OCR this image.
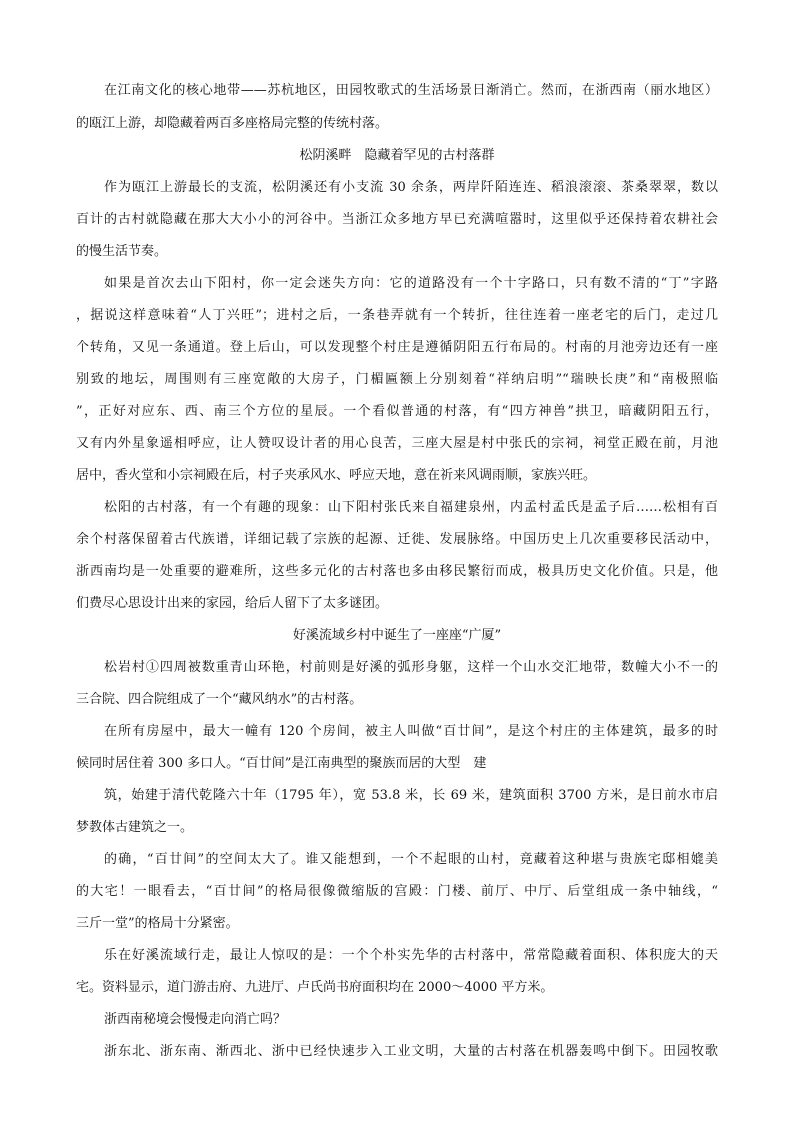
在江南文化的核心地带——苏杭地区，田园牧歌式的生活场景日渐消亡。然而，在浙西南（丽水地区）
的瓯江上游，却隐藏着两百多座格局完整的传统村落。
松阴溪畔　隐藏着罕见的古村落群
作为瓯江上游最长的支流，松阴溪还有小支流 30 余条，两岸阡陌连连、稻浪滚滚、茶桑翠翠，数以
百计的古村就隐藏在那大大小小的河谷中。当浙江众多地方早已充满喧嚣时，这里似乎还保持着农耕社会
的慢生活节奏。
如果是首次去山下阳村，你一定会迷失方向：它的道路没有一个十字路口，只有数不清的“丁”字路
，据说这样意味着“人丁兴旺”；进村之后，一条巷弄就有一个转折，往往连着一座老宅的后门，走过几
个转角，又见一条通道。登上后山，可以发现整个村庄是遵循阴阳五行布局的。村南的月池旁边还有一座
别致的地坛，周围则有三座宽敞的大房子，门楣匾额上分别刻着“祥纳启明”“瑞映长庚”和“南极照临
”，正好对应东、西、南三个方位的星辰。一个看似普通的村落，有“四方神兽”拱卫，暗藏阴阳五行，
又有内外星象遥相呼应，让人赞叹设计者的用心良苦，三座大屋是村中张氏的宗祠，祠堂正殿在前，月池
居中，香火堂和小宗祠殿在后，村子夹承风水、呼应天地，意在祈来风调雨顺，家族兴旺。
松阳的古村落，有一个有趣的现象：山下阳村张氏来自福建泉州，内孟村孟氏是孟子后……松相有百
余个村落保留着古代族谱，详细记载了宗族的起源、迁徙、发展脉络。中国历史上几次重要移民活动中，
浙西南均是一处重要的避难所，这些多元化的古村落也多由移民繁衍而成，极具历史文化价值。只是，他
们费尽心思设计出来的家园，给后人留下了太多谜团。
好溪流域乡村中诞生了一座座“广厦”
松岩村①四周被数重青山环艳，村前则是好溪的弧形身躯，这样一个山水交汇地带，数幢大小不一的
三合院、四合院组成了一个“藏风纳水”的古村落。
在所有房屋中，最大一幢有 120 个房间，被主人叫做“百廿间”，是这个村庄的主体建筑，最多的时
候同时居住着 300 多口人。“百廿间”是江南典型的聚族而居的大型　建
筑，始建于清代乾隆六十年（1795 年），宽 53.8 米，长 69 米，建筑面积 3700 方米，是日前水市启
梦教体古建筑之一。
的确，“百廿间”的空间太大了。谁又能想到，一个不起眼的山村，竟藏着这种堪与贵族宅邸相媲美
的大宅！一眼看去，“百廿间”的格局很像微缩版的宫殿：门楼、前厅、中厅、后堂组成一条中轴线，“
三斤一堂”的格局十分紧密。
乐在好溪流域行走，最让人惊叹的是：一个个朴实先华的古村落中，常常隐藏着面积、体积庞大的天
宅。资料显示，道门游击府、九进厅、卢氏尚书府面积均在 2000～4000 平方米。
浙西南秘境会慢慢走向消亡吗？
浙东北、浙东南、渐西北、浙中已经快速步入工业文明，大量的古村落在机器轰鸣中倒下。田园牧歌
